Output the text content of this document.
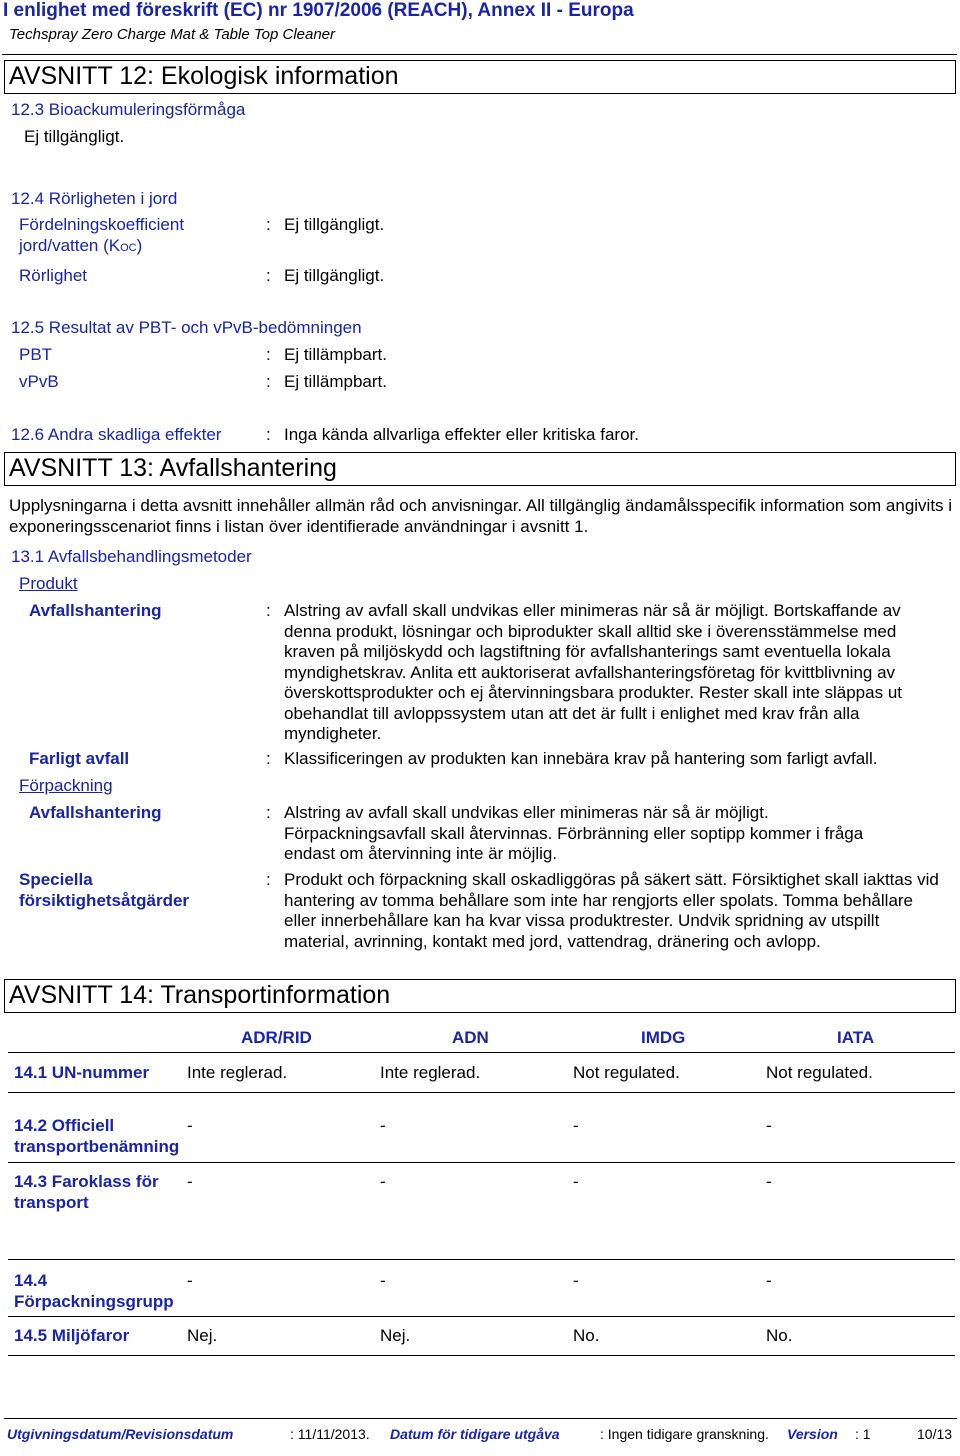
I enlighet med föreskrift (EC) nr 1907/2006 (REACH), Annex II - Europa
Techspray Zero Charge Mat & Table Top Cleaner
AVSNITT 12: Ekologisk information
12.3 Bioackumuleringsförmåga
Ej tillgängligt.
12.4 Rörligheten i jord
Fördelningskoefficient
jord/vatten (KOC)
: Ej tillgängligt.
Rörlighet	: Ej tillgängligt.
12.5 Resultat av PBT- och vPvB-bedömningen
PBT	: Ej tillämpbart.
vPvB	: Ej tillämpbart.
12.6 Andra skadliga effekter	: Inga kända allvarliga effekter eller kritiska faror.
AVSNITT 13: Avfallshantering
Upplysningarna i detta avsnitt innehåller allmän råd och anvisningar. All tillgänglig ändamålsspecifik information som angivits i exponeringsscenariot finns i listan över identifierade användningar i avsnitt 1.
13.1 Avfallsbehandlingsmetoder
Produkt
Avfallshantering	: Alstring av avfall skall undvikas eller minimeras när så är möjligt. Bortskaffande av denna produkt, lösningar och biprodukter skall alltid ske i överensstämmelse med kraven på miljöskydd och lagstiftning för avfallshanterings samt eventuella lokala myndighetskrav. Anlita ett auktoriserat avfallshanteringsföretag för kvittblivning av överskottsprodukter och ej återvinningsbara produkter. Rester skall inte släppas ut obehandlat till avloppssystem utan att det är fullt i enlighet med krav från alla myndigheter.
Farligt avfall	: Klassificeringen av produkten kan innebära krav på hantering som farligt avfall.
Förpackning
Avfallshantering	: Alstring av avfall skall undvikas eller minimeras när så är möjligt. Förpackningsavfall skall återvinnas. Förbränning eller soptipp kommer i fråga endast om återvinning inte är möjlig.
Speciella
försiktighetsåtgärder
: Produkt och förpackning skall oskadliggöras på säkert sätt. Försiktighet skall iakttas vid hantering av tomma behållare som inte har rengjorts eller spolats. Tomma behållare eller innerbehållare kan ha kvar vissa produktrester. Undvik spridning av utspillt material, avrinning, kontakt med jord, vattendrag, dränering och avlopp.
AVSNITT 14: Transportinformation
ADR/RID	ADN	IMDG	IATA
14.1 UN-nummer Inte reglerad.	Inte reglerad.	Not regulated.	Not regulated.
14.2 Officiell
transportbenämning
-	-	-	-
14.3 Faroklass för
transport
-	-	-	-
14.4
Förpackningsgrupp
-	-	-	-
14.5 Miljöfaror	Nej.	Nej.	No.	No.
Utgivningsdatum/Revisionsdatum	: 11/11/2013. Datum för tidigare utgåva	: Ingen tidigare granskning. Version : 1	10/13
